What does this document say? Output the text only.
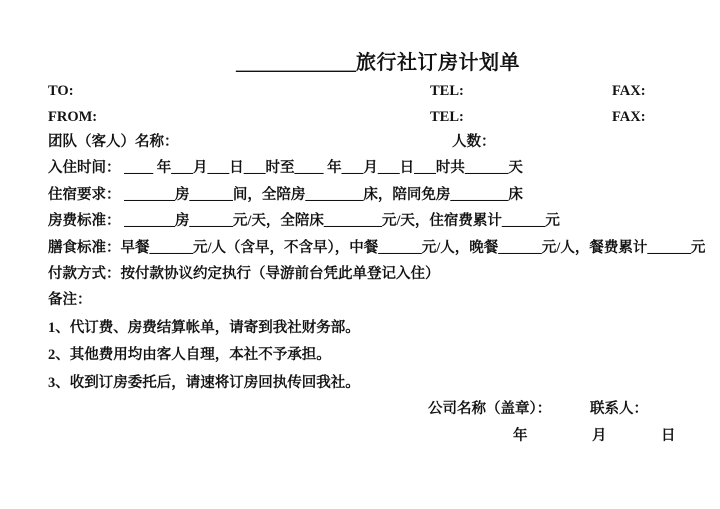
____________旅行社订房计划单
TO:	TEL:	FAX:
FROM:	TEL:	FAX:
团队（客人）名称：	人数：
入住时间： ____ 年___月___日___时至____ 年___月___日___时共______天
住宿要求： _______房______间，全陪房________床，陪同免房________床
房费标准： _______房______元/天，全陪床________元/天，住宿费累计______元
膳食标准：早餐______元/人（含早，不含早），中餐______元/人，晚餐______元/人，餐费累计______元
付款方式：按付款协议约定执行（导游前台凭此单登记入住）
备注：
1、代订费、房费结算帐单，请寄到我社财务部。
2、其他费用均由客人自理，本社不予承担。
3、收到订房委托后，请速将订房回执传回我社。
公司名称（盖章）：	联系人：
年	月	日
